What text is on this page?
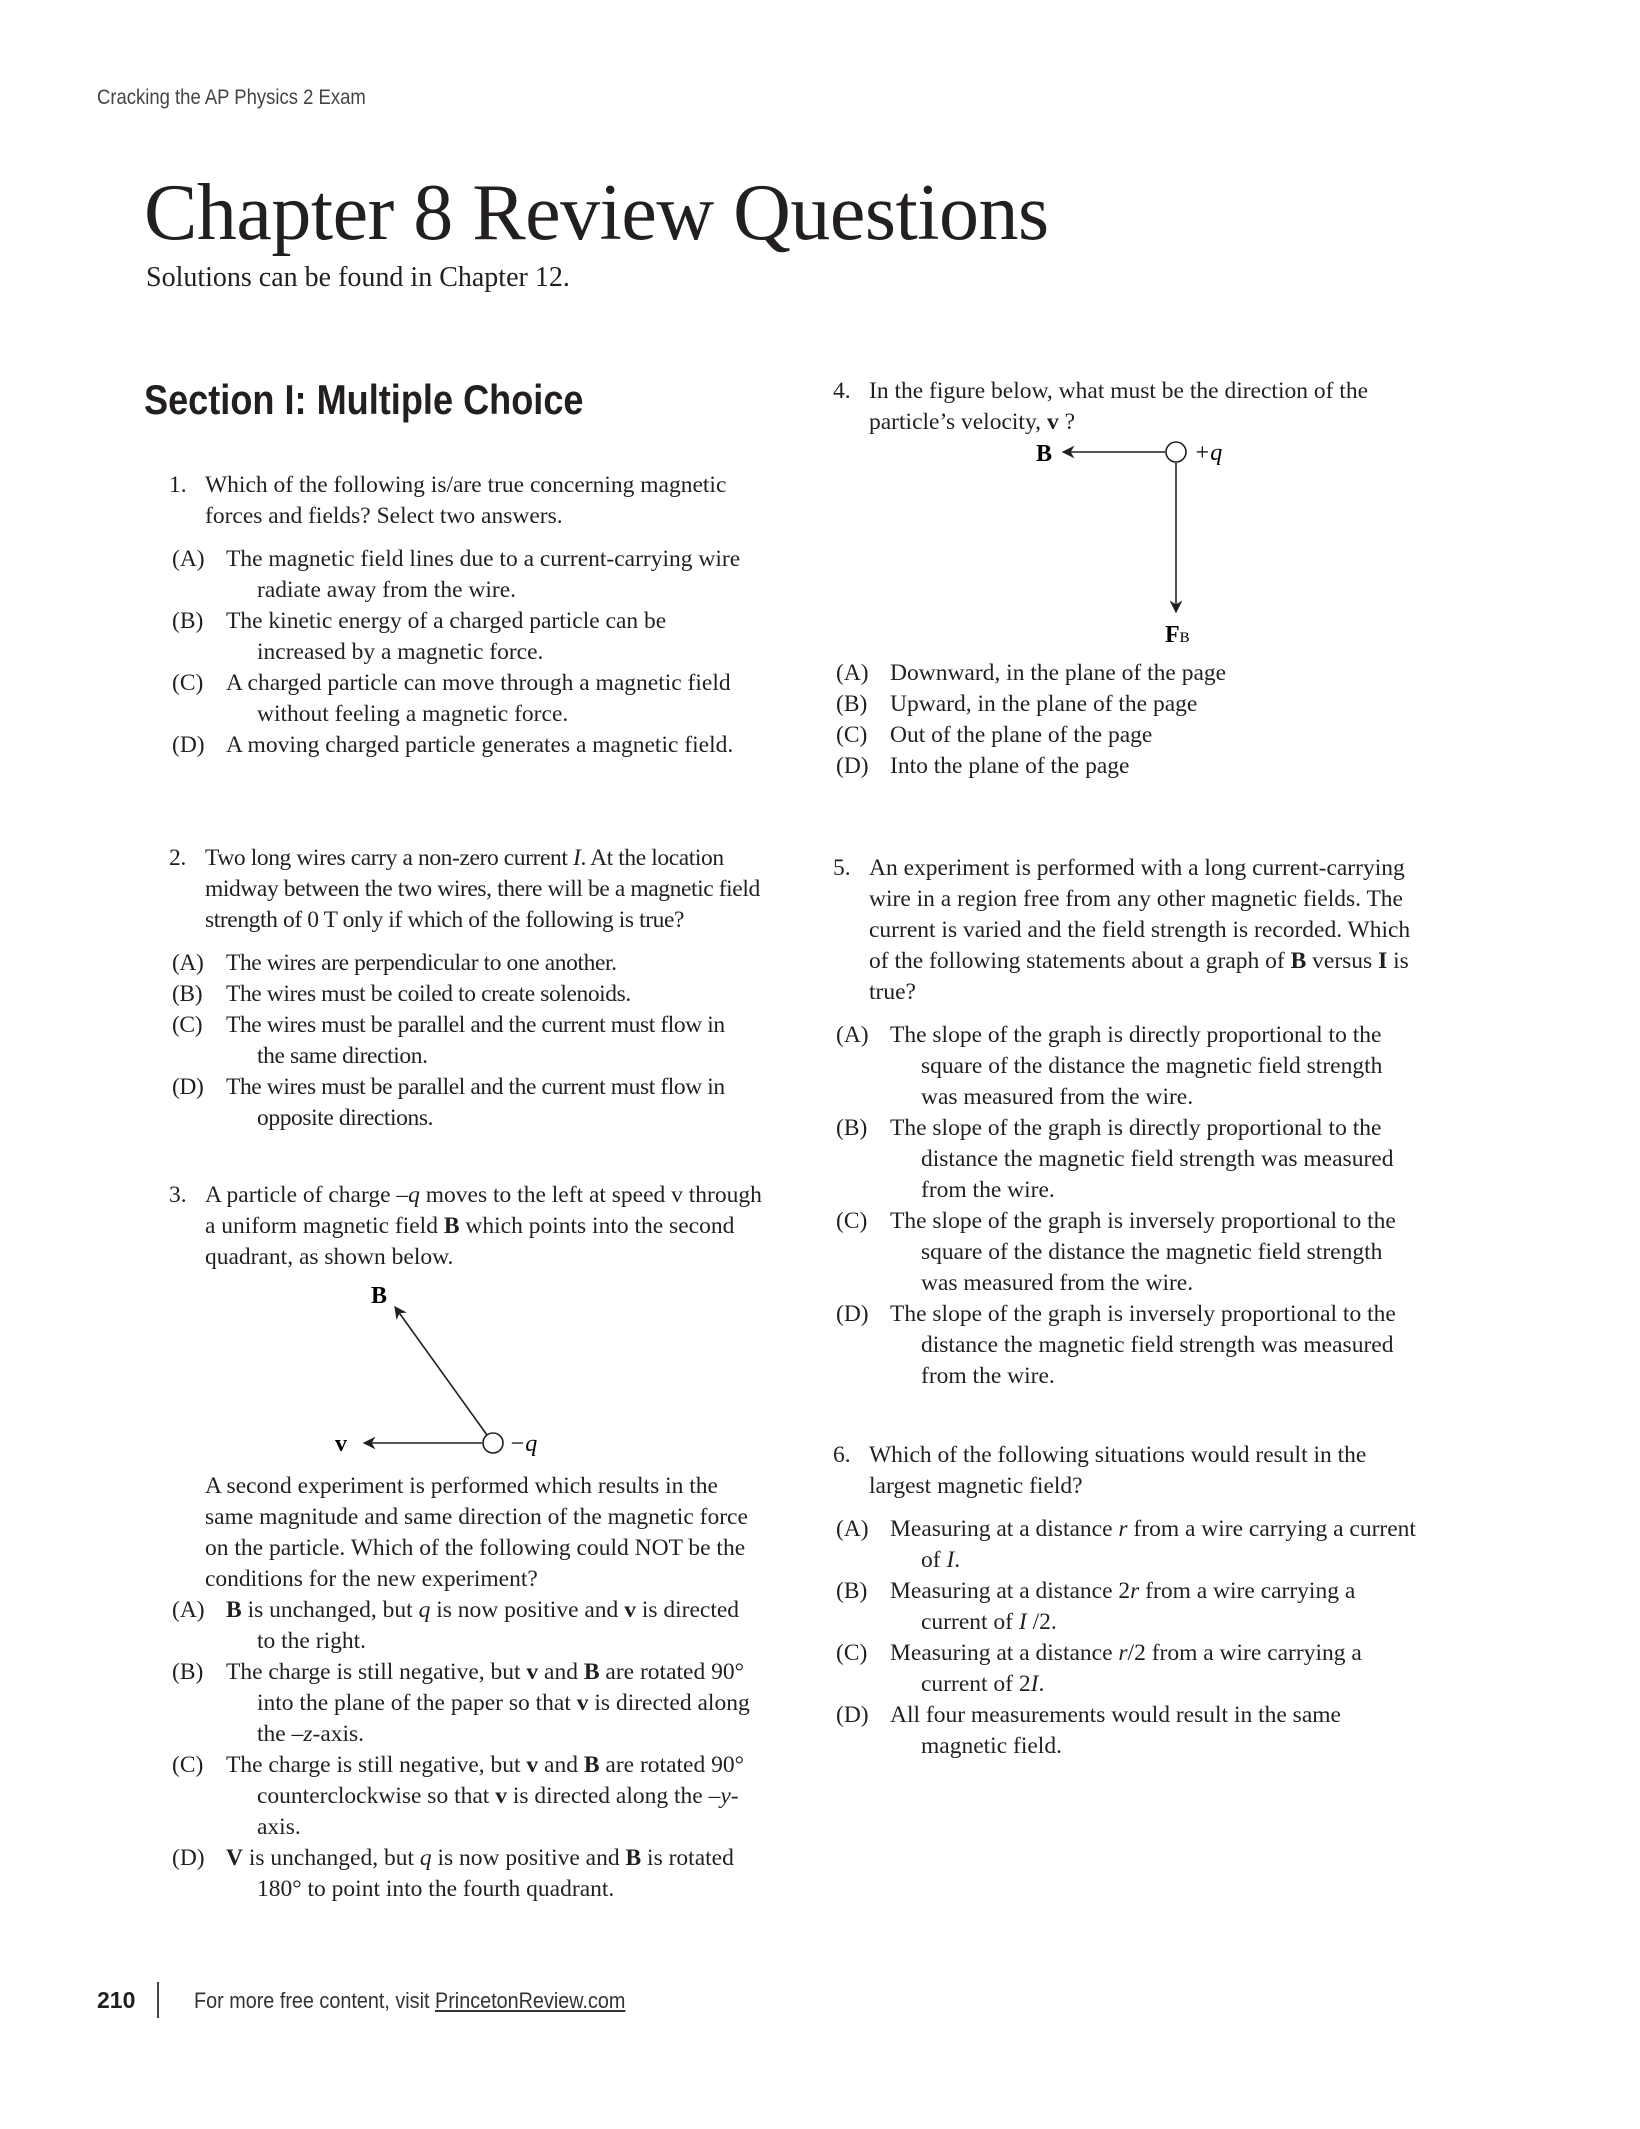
Cracking the AP Physics 2 Exam
Chapter 8 Review Questions
Solutions can be found in Chapter 12.
Section I: Multiple Choice
1. Which of the following is/are true concerning magnetic forces and fields? Select two answers.
(A) The magnetic field lines due to a current-carrying wire radiate away from the wire.
(B) The kinetic energy of a charged particle can be increased by a magnetic force.
(C) A charged particle can move through a magnetic field without feeling a magnetic force.
(D) A moving charged particle generates a magnetic field.
2. Two long wires carry a non-zero current I. At the location midway between the two wires, there will be a magnetic field strength of 0 T only if which of the following is true?
(A) The wires are perpendicular to one another.
(B) The wires must be coiled to create solenoids.
(C) The wires must be parallel and the current must flow in the same direction.
(D) The wires must be parallel and the current must flow in opposite directions.
3. A particle of charge –q moves to the left at speed v through a uniform magnetic field B which points into the second quadrant, as shown below.
B
v	−q
A second experiment is performed which results in the same magnitude and same direction of the magnetic force on the particle. Which of the following could NOT be the conditions for the new experiment?
(A) B is unchanged, but q is now positive and v is directed to the right.
(B) The charge is still negative, but v and B are rotated 90° into the plane of the paper so that v is directed along the –z-axis.
(C) The charge is still negative, but v and B are rotated 90° counterclockwise so that v is directed along the –y-axis.
(D) V is unchanged, but q is now positive and B is rotated 180° to point into the fourth quadrant.
4. In the figure below, what must be the direction of the particle’s velocity, v ?
B	+q
FB
(A) Downward, in the plane of the page
(B) Upward, in the plane of the page
(C) Out of the plane of the page
(D) Into the plane of the page
5. An experiment is performed with a long current-carrying wire in a region free from any other magnetic fields. The current is varied and the field strength is recorded. Which of the following statements about a graph of B versus I is true?
(A) The slope of the graph is directly proportional to the square of the distance the magnetic field strength was measured from the wire.
(B) The slope of the graph is directly proportional to the distance the magnetic field strength was measured from the wire.
(C) The slope of the graph is inversely proportional to the square of the distance the magnetic field strength was measured from the wire.
(D) The slope of the graph is inversely proportional to the distance the magnetic field strength was measured from the wire.
6. Which of the following situations would result in the largest magnetic field?
(A) Measuring at a distance r from a wire carrying a current of I.
(B) Measuring at a distance 2r from a wire carrying a current of I /2.
(C) Measuring at a distance r/2 from a wire carrying a current of 2I.
(D) All four measurements would result in the same magnetic field.
210	For more free content, visit PrincetonReview.com
